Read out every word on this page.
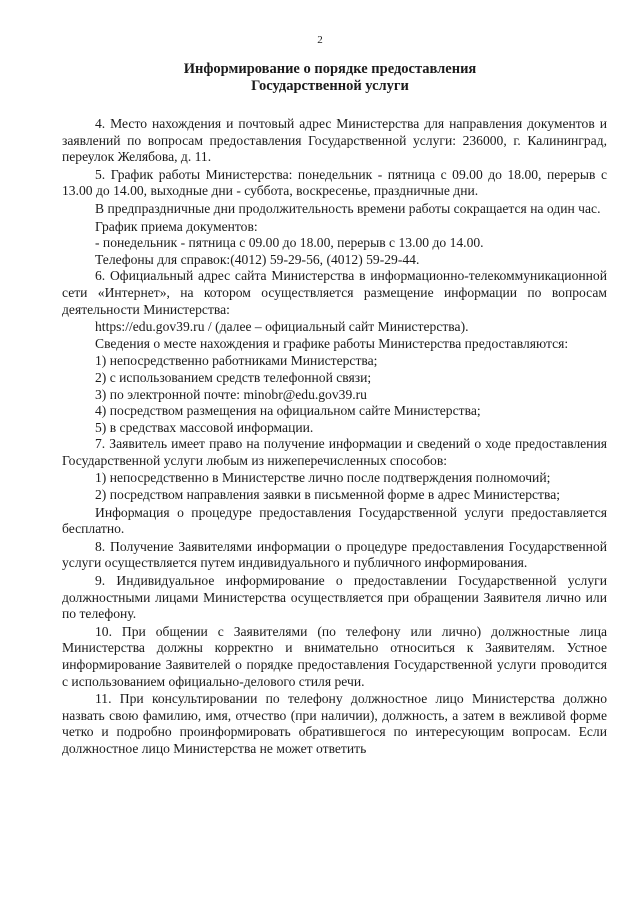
2
Информирование о порядке предоставления
Государственной услуги
4. Место нахождения и почтовый адрес Министерства для направления документов и заявлений по вопросам предоставления Государственной услуги: 236000, г. Калининград, переулок Желябова, д. 11.
5. График работы Министерства: понедельник - пятница с 09.00 до 18.00, перерыв с 13.00 до 14.00, выходные дни - суббота, воскресенье, праздничные дни.
В предпраздничные дни продолжительность времени работы сокращается на один час.
График приема документов:
- понедельник - пятница с 09.00 до 18.00, перерыв с 13.00 до 14.00.
Телефоны для справок:(4012) 59-29-56, (4012) 59-29-44.
6. Официальный адрес сайта Министерства в информационно-телекоммуникационной сети «Интернет», на котором осуществляется размещение информации по вопросам деятельности Министерства:
https://edu.gov39.ru / (далее – официальный сайт Министерства).
Сведения о месте нахождения и графике работы Министерства предоставляются:
1) непосредственно работниками Министерства;
2) с использованием средств телефонной связи;
3) по электронной почте: minobr@edu.gov39.ru
4) посредством размещения на официальном сайте Министерства;
5) в средствах массовой информации.
7. Заявитель имеет право на получение информации и сведений о ходе предоставления Государственной услуги любым из нижеперечисленных способов:
1) непосредственно в Министерстве лично после подтверждения полномочий;
2) посредством направления заявки в письменной форме в адрес Министерства;
Информация о процедуре предоставления Государственной услуги предоставляется бесплатно.
8. Получение Заявителями информации о процедуре предоставления Государственной услуги осуществляется путем индивидуального и публичного информирования.
9. Индивидуальное информирование о предоставлении Государственной услуги должностными лицами Министерства осуществляется при обращении Заявителя лично или по телефону.
10. При общении с Заявителями (по телефону или лично) должностные лица Министерства должны корректно и внимательно относиться к Заявителям. Устное информирование Заявителей о порядке предоставления Государственной услуги проводится с использованием официально-делового стиля речи.
11. При консультировании по телефону должностное лицо Министерства должно назвать свою фамилию, имя, отчество (при наличии), должность, а затем в вежливой форме четко и подробно проинформировать обратившегося по интересующим вопросам. Если должностное лицо Министерства не может ответить
